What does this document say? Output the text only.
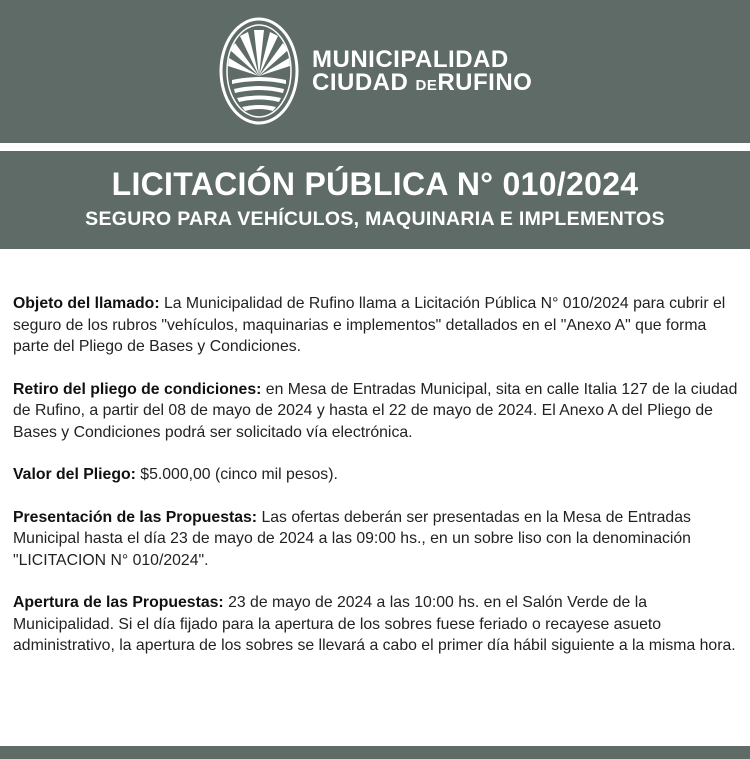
MUNICIPALIDAD
CIUDAD DERUFINO
LICITACIÓN PÚBLICA N° 010/2024
SEGURO PARA VEHÍCULOS, MAQUINARIA E IMPLEMENTOS

Objeto del llamado: La Municipalidad de Rufino llama a Licitación Pública N° 010/2024 para cubrir el seguro de los rubros "vehículos, maquinarias e implementos" detallados en el "Anexo A" que forma parte del Pliego de Bases y Condiciones.

Retiro del pliego de condiciones: en Mesa de Entradas Municipal, sita en calle Italia 127 de la ciudad de Rufino, a partir del 08 de mayo de 2024 y hasta el 22 de mayo de 2024. El Anexo A del Pliego de Bases y Condiciones podrá ser solicitado vía electrónica.

Valor del Pliego: $5.000,00 (cinco mil pesos).

Presentación de las Propuestas: Las ofertas deberán ser presentadas en la Mesa de Entradas Municipal hasta el día 23 de mayo de 2024 a las 09:00 hs., en un sobre liso con la denominación "LICITACION N° 010/2024".

Apertura de las Propuestas: 23 de mayo de 2024 a las 10:00 hs. en el Salón Verde de la Municipalidad. Si el día fijado para la apertura de los sobres fuese feriado o recayese asueto administrativo, la apertura de los sobres se llevará a cabo el primer día hábil siguiente a la misma hora.
